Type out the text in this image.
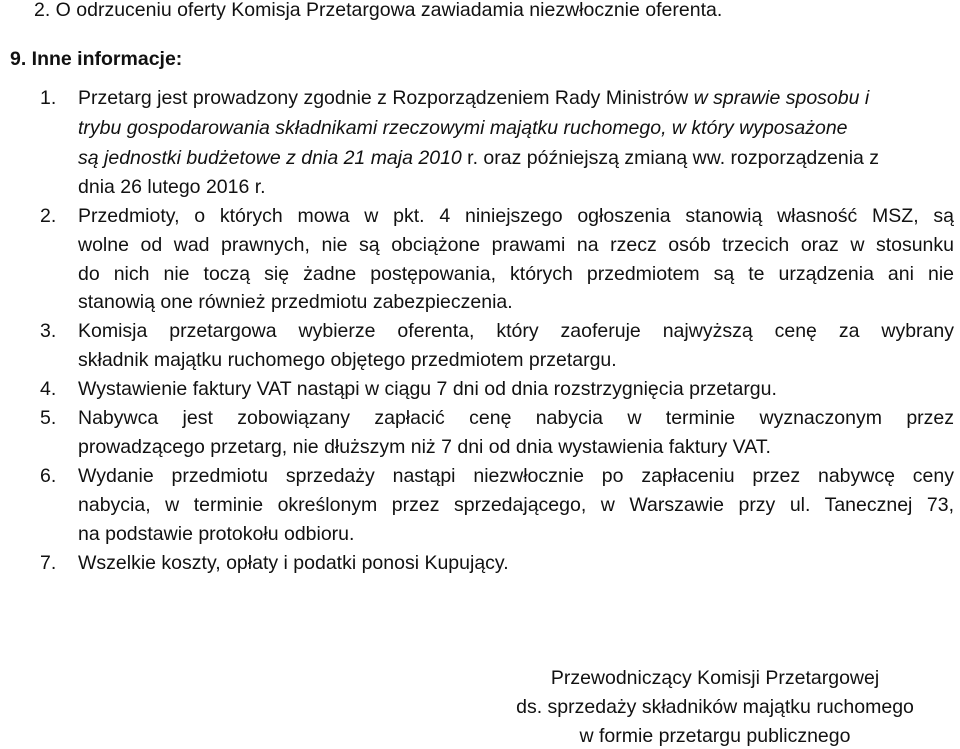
2. O odrzuceniu oferty Komisja Przetargowa zawiadamia niezwłocznie oferenta.
9. Inne informacje:
1. Przetarg jest prowadzony zgodnie z Rozporządzeniem Rady Ministrów w sprawie sposobu i
trybu gospodarowania składnikami rzeczowymi majątku ruchomego, w który wyposażone
są jednostki budżetowe z dnia 21 maja 2010 r. oraz późniejszą zmianą ww. rozporządzenia z
dnia 26 lutego 2016 r.
2. Przedmioty, o których mowa w pkt. 4 niniejszego ogłoszenia stanowią własność MSZ, są
wolne od wad prawnych, nie są obciążone prawami na rzecz osób trzecich oraz w stosunku
do nich nie toczą się żadne postępowania, których przedmiotem są te urządzenia ani nie
stanowią one również przedmiotu zabezpieczenia.
3. Komisja przetargowa wybierze oferenta, który zaoferuje najwyższą cenę za wybrany
składnik majątku ruchomego objętego przedmiotem przetargu.
4. Wystawienie faktury VAT nastąpi w ciągu 7 dni od dnia rozstrzygnięcia przetargu.
5. Nabywca jest zobowiązany zapłacić cenę nabycia w terminie wyznaczonym przez
prowadzącego przetarg, nie dłuższym niż 7 dni od dnia wystawienia faktury VAT.
6. Wydanie przedmiotu sprzedaży nastąpi niezwłocznie po zapłaceniu przez nabywcę ceny
nabycia, w terminie określonym przez sprzedającego, w Warszawie przy ul. Tanecznej 73,
na podstawie protokołu odbioru.
7. Wszelkie koszty, opłaty i podatki ponosi Kupujący.
Przewodniczący Komisji Przetargowej
ds. sprzedaży składników majątku ruchomego
w formie przetargu publicznego
